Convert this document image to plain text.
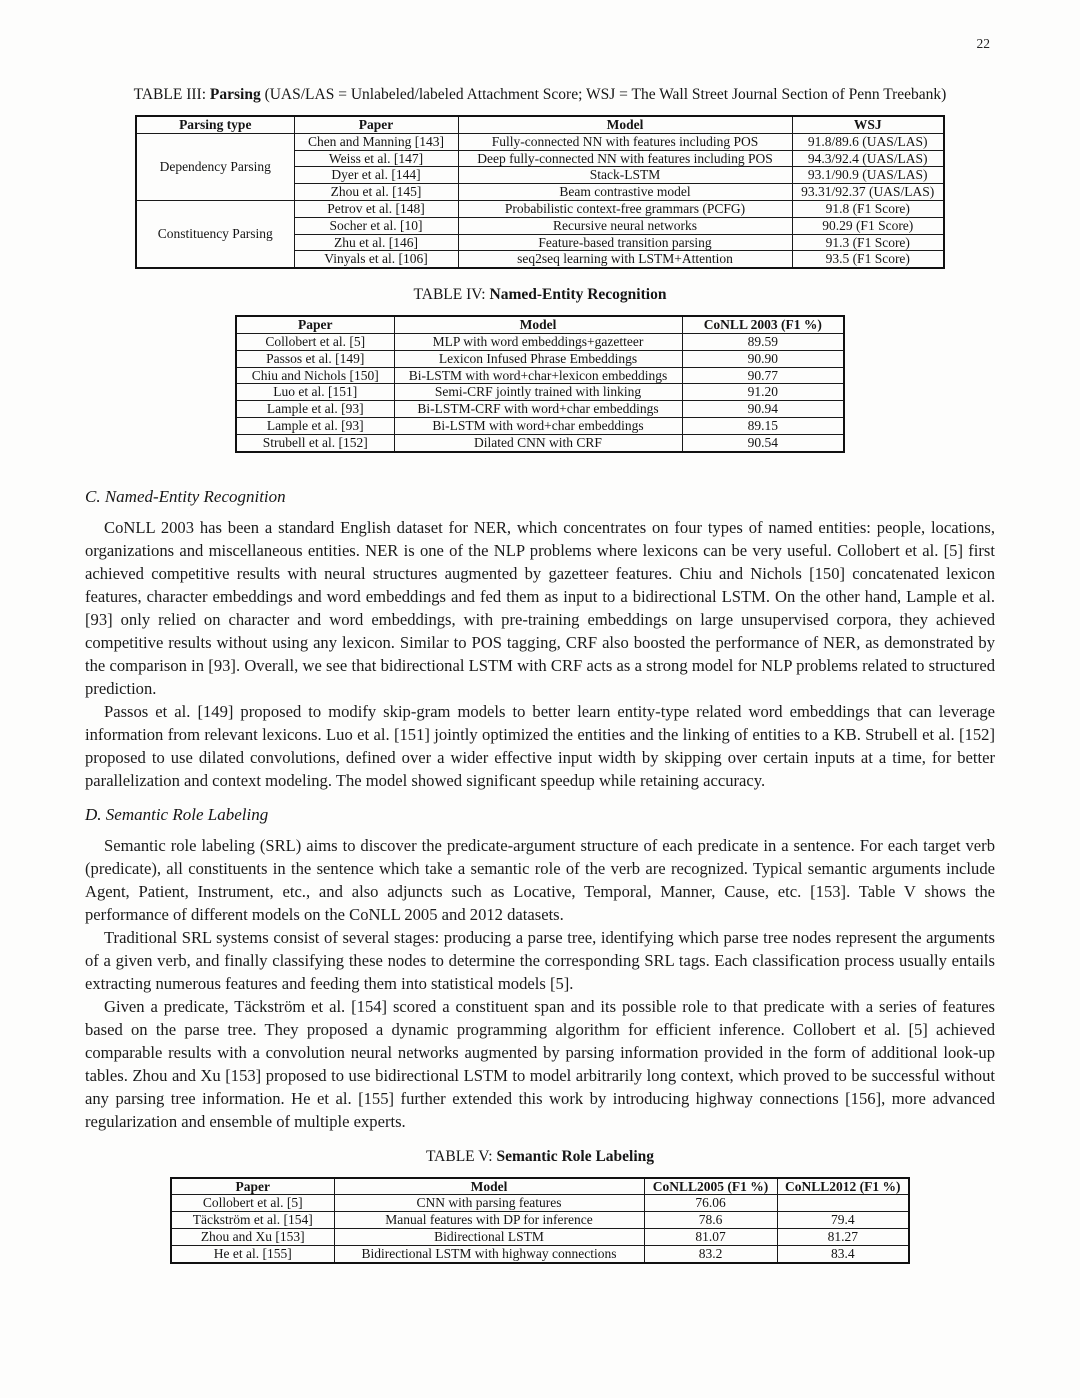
22
TABLE III: Parsing (UAS/LAS = Unlabeled/labeled Attachment Score; WSJ = The Wall Street Journal Section of Penn Treebank)
Parsing type	Paper	Model	WSJ
Dependency Parsing	Chen and Manning [143]	Fully-connected NN with features including POS	91.8/89.6 (UAS/LAS)
	Weiss et al. [147]	Deep fully-connected NN with features including POS	94.3/92.4 (UAS/LAS)
	Dyer et al. [144]	Stack-LSTM	93.1/90.9 (UAS/LAS)
	Zhou et al. [145]	Beam contrastive model	93.31/92.37 (UAS/LAS)
Constituency Parsing	Petrov et al. [148]	Probabilistic context-free grammars (PCFG)	91.8 (F1 Score)
	Socher et al. [10]	Recursive neural networks	90.29 (F1 Score)
	Zhu et al. [146]	Feature-based transition parsing	91.3 (F1 Score)
	Vinyals et al. [106]	seq2seq learning with LSTM+Attention	93.5 (F1 Score)
TABLE IV: Named-Entity Recognition
Paper	Model	CoNLL 2003 (F1 %)
Collobert et al. [5]	MLP with word embeddings+gazetteer	89.59
Passos et al. [149]	Lexicon Infused Phrase Embeddings	90.90
Chiu and Nichols [150]	Bi-LSTM with word+char+lexicon embeddings	90.77
Luo et al. [151]	Semi-CRF jointly trained with linking	91.20
Lample et al. [93]	Bi-LSTM-CRF with word+char embeddings	90.94
Lample et al. [93]	Bi-LSTM with word+char embeddings	89.15
Strubell et al. [152]	Dilated CNN with CRF	90.54
C. Named-Entity Recognition

CoNLL 2003 has been a standard English dataset for NER, which concentrates on four types of named entities: people, locations, organizations and miscellaneous entities. NER is one of the NLP problems where lexicons can be very useful. Collobert et al. [5] first achieved competitive results with neural structures augmented by gazetteer features. Chiu and Nichols [150] concatenated lexicon features, character embeddings and word embeddings and fed them as input to a bidirectional LSTM. On the other hand, Lample et al. [93] only relied on character and word embeddings, with pre-training embeddings on large unsupervised corpora, they achieved competitive results without using any lexicon. Similar to POS tagging, CRF also boosted the performance of NER, as demonstrated by the comparison in [93]. Overall, we see that bidirectional LSTM with CRF acts as a strong model for NLP problems related to structured prediction.

Passos et al. [149] proposed to modify skip-gram models to better learn entity-type related word embeddings that can leverage information from relevant lexicons. Luo et al. [151] jointly optimized the entities and the linking of entities to a KB. Strubell et al. [152] proposed to use dilated convolutions, defined over a wider effective input width by skipping over certain inputs at a time, for better parallelization and context modeling. The model showed significant speedup while retaining accuracy.

D. Semantic Role Labeling

Semantic role labeling (SRL) aims to discover the predicate-argument structure of each predicate in a sentence. For each target verb (predicate), all constituents in the sentence which take a semantic role of the verb are recognized. Typical semantic arguments include Agent, Patient, Instrument, etc., and also adjuncts such as Locative, Temporal, Manner, Cause, etc. [153]. Table V shows the performance of different models on the CoNLL 2005 and 2012 datasets.

Traditional SRL systems consist of several stages: producing a parse tree, identifying which parse tree nodes represent the arguments of a given verb, and finally classifying these nodes to determine the corresponding SRL tags. Each classification process usually entails extracting numerous features and feeding them into statistical models [5].

Given a predicate, Täckström et al. [154] scored a constituent span and its possible role to that predicate with a series of features based on the parse tree. They proposed a dynamic programming algorithm for efficient inference. Collobert et al. [5] achieved comparable results with a convolution neural networks augmented by parsing information provided in the form of additional look-up tables. Zhou and Xu [153] proposed to use bidirectional LSTM to model arbitrarily long context, which proved to be successful without any parsing tree information. He et al. [155] further extended this work by introducing highway connections [156], more advanced regularization and ensemble of multiple experts.

TABLE V: Semantic Role Labeling
Paper	Model	CoNLL2005 (F1 %)	CoNLL2012 (F1 %)
Collobert et al. [5]	CNN with parsing features	76.06	
Täckström et al. [154]	Manual features with DP for inference	78.6	79.4
Zhou and Xu [153]	Bidirectional LSTM	81.07	81.27
He et al. [155]	Bidirectional LSTM with highway connections	83.2	83.4
